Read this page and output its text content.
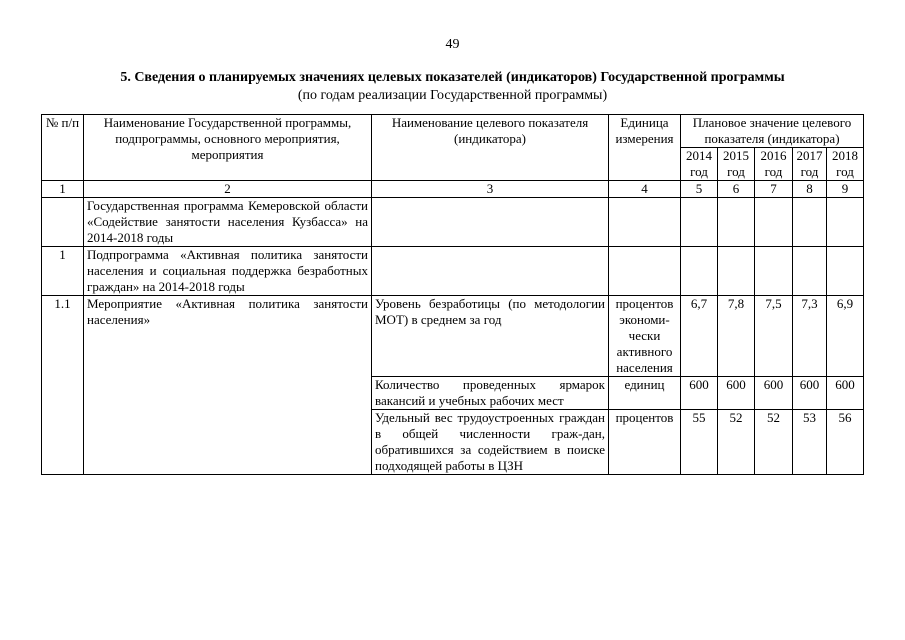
49
5. Сведения о планируемых значениях целевых показателей (индикаторов) Государственной программы
(по годам реализации Государственной программы)
№ п/п	Наименование Государственной программы, подпрограммы, основного мероприятия, мероприятия	Наименование целевого показателя (индикатора)	Единица измерения	Плановое значение целевого показателя (индикатора)				
				2014 год	2015 год	2016 год	2017 год	2018 год
1	2	3	4	5	6	7	8	9
	Государственная программа Кемеровской области «Содействие занятости населения Кузбасса» на 2014-2018 годы							
1	Подпрограмма «Активная политика занятости населения и социальная поддержка безработных граждан» на 2014-2018 годы							
1.1	Мероприятие «Активная политика занятости населения»	Уровень безработицы (по методологии МОТ) в среднем за год	процентов экономи-чески активного населения	6,7	7,8	7,5	7,3	6,9
		Количество проведенных ярмарок вакансий и учебных рабочих мест	единиц	600	600	600	600	600
		Удельный вес трудоустроенных граждан в общей численности граж-дан, обратившихся за содействием в поиске подходящей работы в ЦЗН	процентов	55	52	52	53	56
